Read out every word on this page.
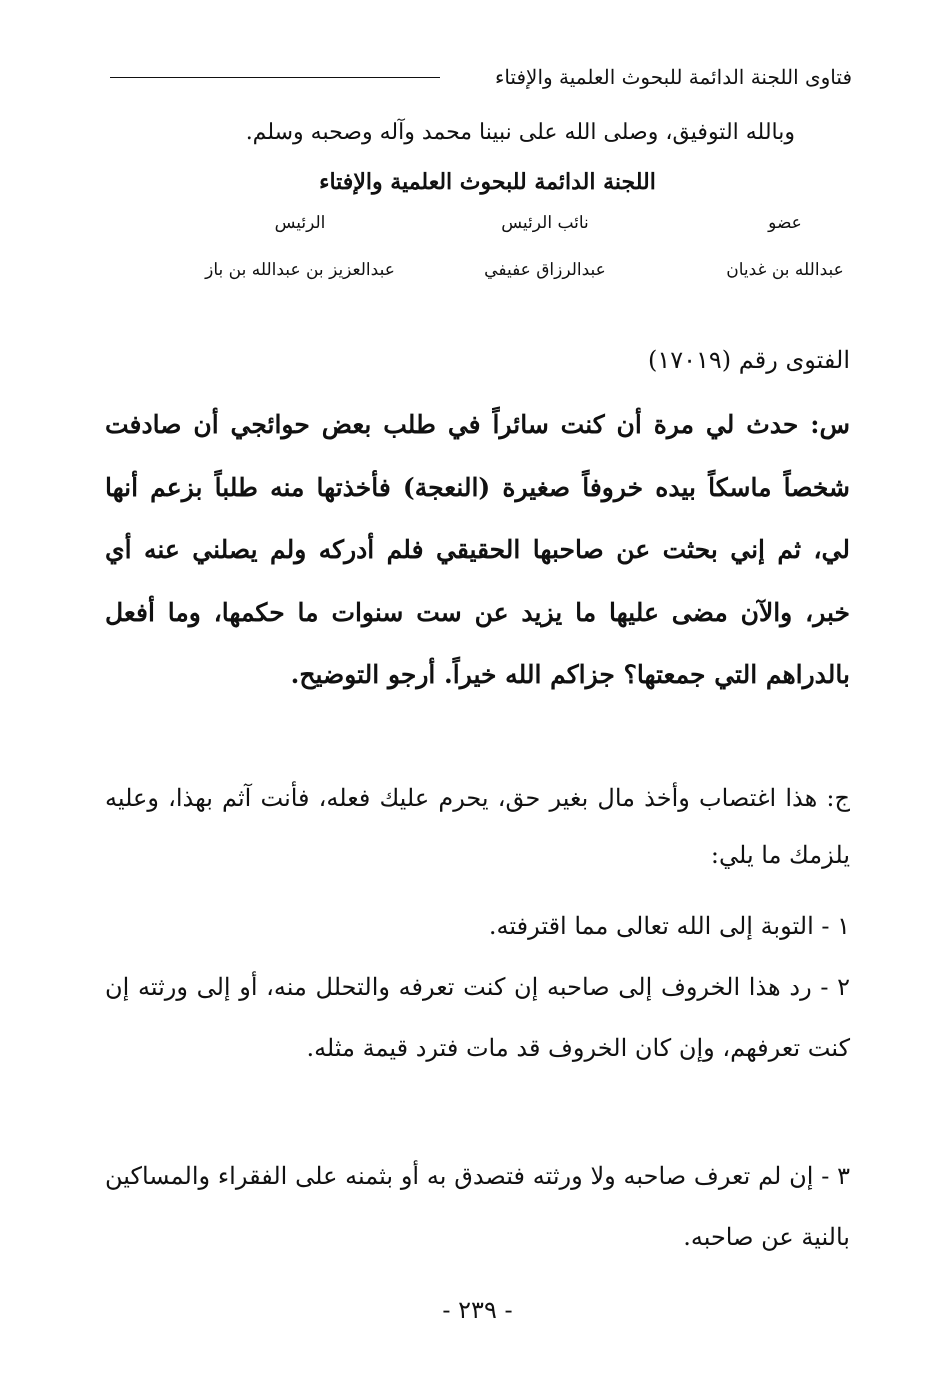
فتاوى اللجنة الدائمة للبحوث العلمية والإفتاء
وبالله التوفيق، وصلى الله على نبينا محمد وآله وصحبه وسلم.
اللجنة الدائمة للبحوث العلمية والإفتاء
عضو
نائب الرئيس
الرئيس
عبدالله بن غديان
عبدالرزاق عفيفي
عبدالعزيز بن عبدالله بن باز
الفتوى رقم (١٧٠١٩)
س: حدث لي مرة أن كنت سائراً في طلب بعض حوائجي أن صادفت شخصاً ماسكاً بيده خروفاً صغيرة (النعجة) فأخذتها منه طلباً بزعم أنها لي، ثم إني بحثت عن صاحبها الحقيقي فلم أدركه ولم يصلني عنه أي خبر، والآن مضى عليها ما يزيد عن ست سنوات ما حكمها، وما أفعل بالدراهم التي جمعتها؟ جزاكم الله خيراً. أرجو التوضيح.
ج: هذا اغتصاب وأخذ مال بغير حق، يحرم عليك فعله، فأنت آثم بهذا، وعليه يلزمك ما يلي:
١ - التوبة إلى الله تعالى مما اقترفته.
٢ - رد هذا الخروف إلى صاحبه إن كنت تعرفه والتحلل منه، أو إلى ورثته إن كنت تعرفهم، وإن كان الخروف قد مات فترد قيمة مثله.
٣ - إن لم تعرف صاحبه ولا ورثته فتصدق به أو بثمنه على الفقراء والمساكين بالنية عن صاحبه.
- ٢٣٩ -
